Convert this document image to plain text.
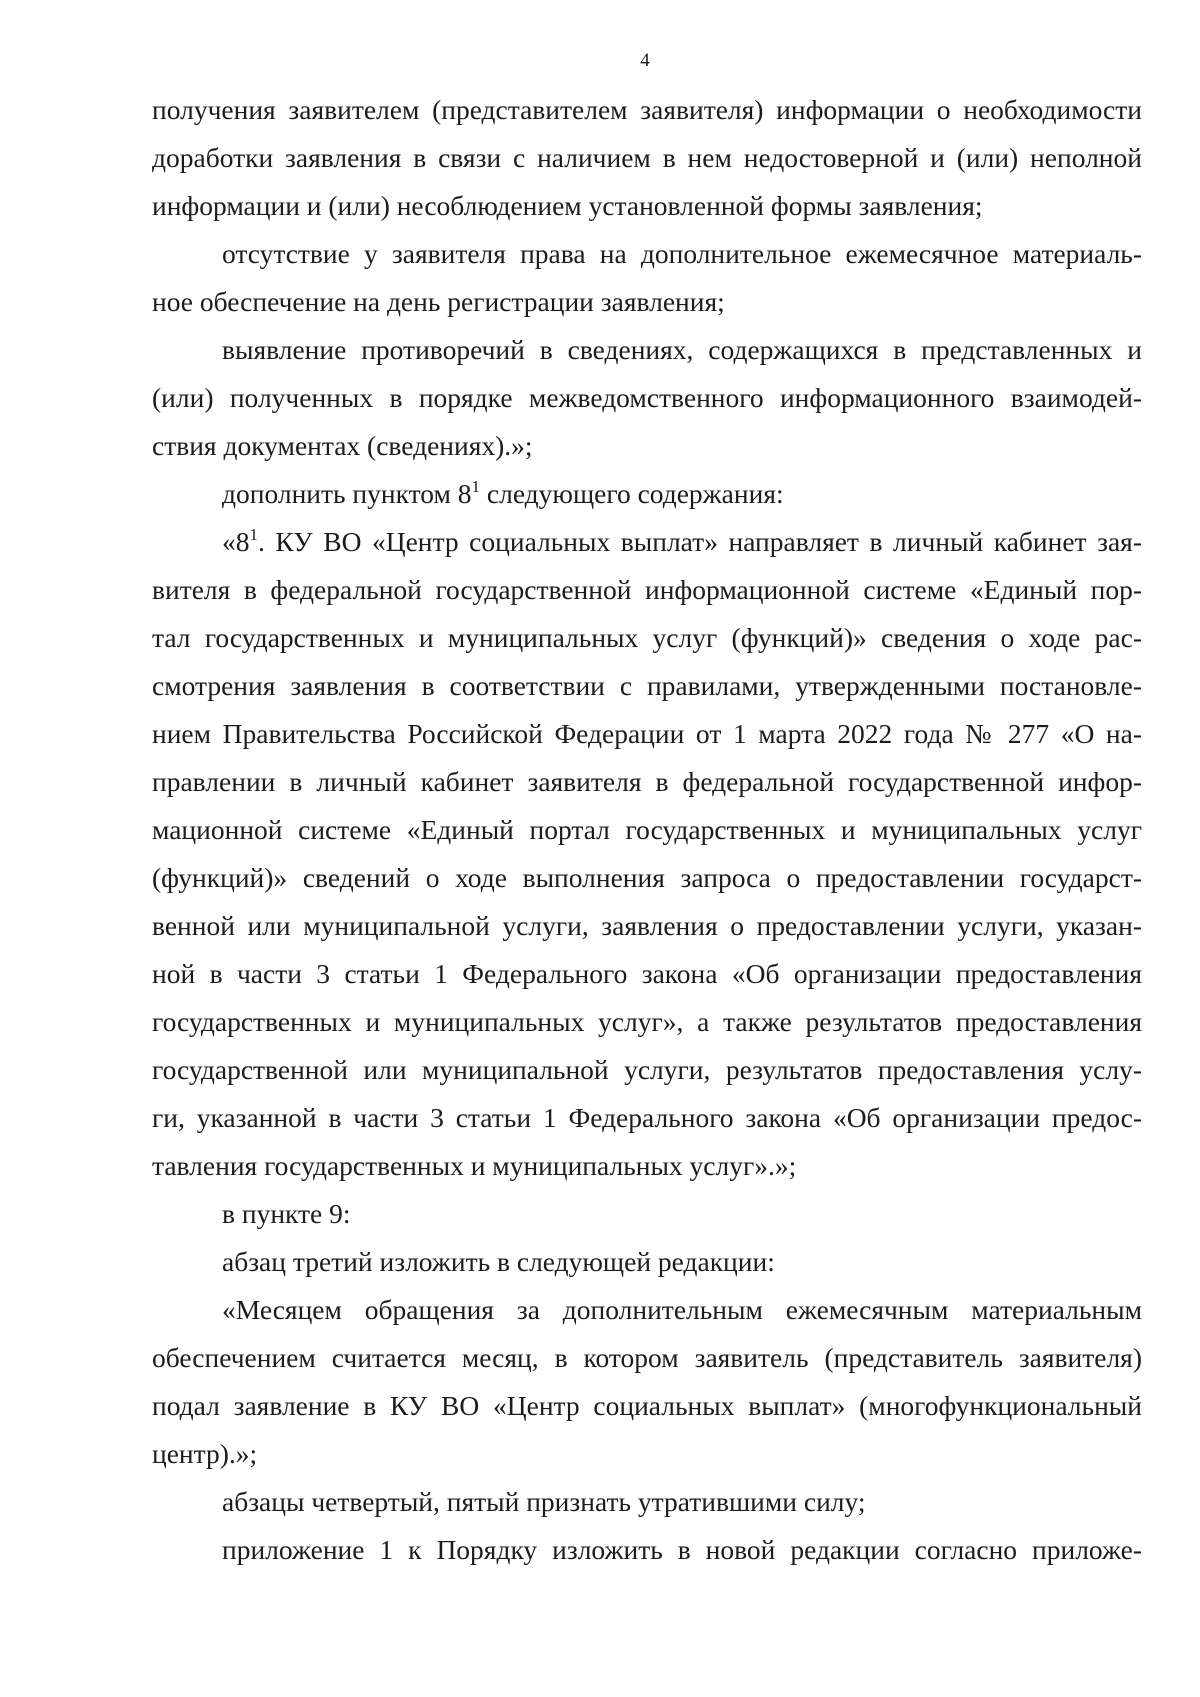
4
получения заявителем (представителем заявителя) информации о необходимости
доработки заявления в связи с наличием в нем недостоверной и (или) неполной
информации и (или) несоблюдением установленной формы заявления;
отсутствие у заявителя права на дополнительное ежемесячное материаль-
ное обеспечение на день регистрации заявления;
выявление противоречий в сведениях, содержащихся в представленных и
(или) полученных в порядке межведомственного информационного взаимодей-
ствия документах (сведениях).»;
дополнить пунктом $8^1$ следующего содержания:
«$8^1$. КУ ВО «Центр социальных выплат» направляет в личный кабинет зая-
вителя в федеральной государственной информационной системе «Единый пор-
тал государственных и муниципальных услуг (функций)» сведения о ходе рас-
смотрения заявления в соответствии с правилами, утвержденными постановле-
нием Правительства Российской Федерации от 1 марта 2022 года № 277 «О на-
правлении в личный кабинет заявителя в федеральной государственной инфор-
мационной системе «Единый портал государственных и муниципальных услуг
(функций)» сведений о ходе выполнения запроса о предоставлении государст-
венной или муниципальной услуги, заявления о предоставлении услуги, указан-
ной в части 3 статьи 1 Федерального закона «Об организации предоставления
государственных и муниципальных услуг», а также результатов предоставления
государственной или муниципальной услуги, результатов предоставления услу-
ги, указанной в части 3 статьи 1 Федерального закона «Об организации предос-
тавления государственных и муниципальных услуг».»;
в пункте 9:
абзац третий изложить в следующей редакции:
«Месяцем обращения за дополнительным ежемесячным материальным
обеспечением считается месяц, в котором заявитель (представитель заявителя)
подал заявление в КУ ВО «Центр социальных выплат» (многофункциональный
центр).»;
абзацы четвертый, пятый признать утратившими силу;
приложение 1 к Порядку изложить в новой редакции согласно приложе-
